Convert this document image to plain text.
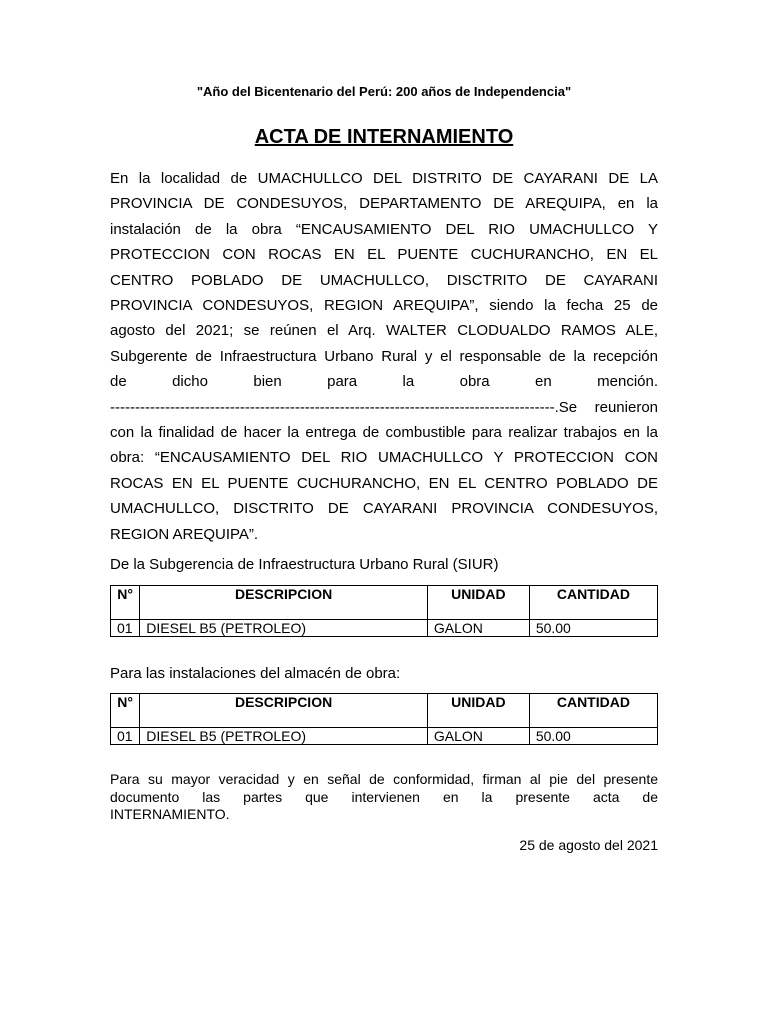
"Año del Bicentenario del Perú: 200 años de Independencia"
ACTA DE INTERNAMIENTO
En la localidad de UMACHULLCO DEL DISTRITO DE CAYARANI DE LA
PROVINCIA DE CONDESUYOS, DEPARTAMENTO DE AREQUIPA, en la
instalación de la obra “ENCAUSAMIENTO DEL RIO UMACHULLCO Y
PROTECCION CON ROCAS EN EL PUENTE CUCHURANCHO, EN EL
CENTRO POBLADO DE UMACHULLCO, DISCTRITO DE CAYARANI
PROVINCIA CONDESUYOS, REGION AREQUIPA”, siendo la fecha 25 de
agosto del 2021; se reúnen el Arq. WALTER CLODUALDO RAMOS ALE,
Subgerente de Infraestructura Urbano Rural y el responsable de la recepción
de dicho bien para la obra en mención.
-----------------------------------------------------------------------------------------.Se reunieron
con la finalidad de hacer la entrega de combustible para realizar trabajos en la
obra: “ENCAUSAMIENTO DEL RIO UMACHULLCO Y PROTECCION CON
ROCAS EN EL PUENTE CUCHURANCHO, EN EL CENTRO POBLADO DE
UMACHULLCO, DISCTRITO DE CAYARANI PROVINCIA CONDESUYOS,
REGION AREQUIPA”.
De la Subgerencia de Infraestructura Urbano Rural (SIUR)
N°	DESCRIPCION	UNIDAD	CANTIDAD
01	DIESEL B5 (PETROLEO)	GALON	50.00
Para las instalaciones del almacén de obra:
N°	DESCRIPCION	UNIDAD	CANTIDAD
01	DIESEL B5 (PETROLEO)	GALON	50.00
Para su mayor veracidad y en señal de conformidad, firman al pie del presente
documento las partes que intervienen en la presente acta de
INTERNAMIENTO.
25 de agosto del 2021
